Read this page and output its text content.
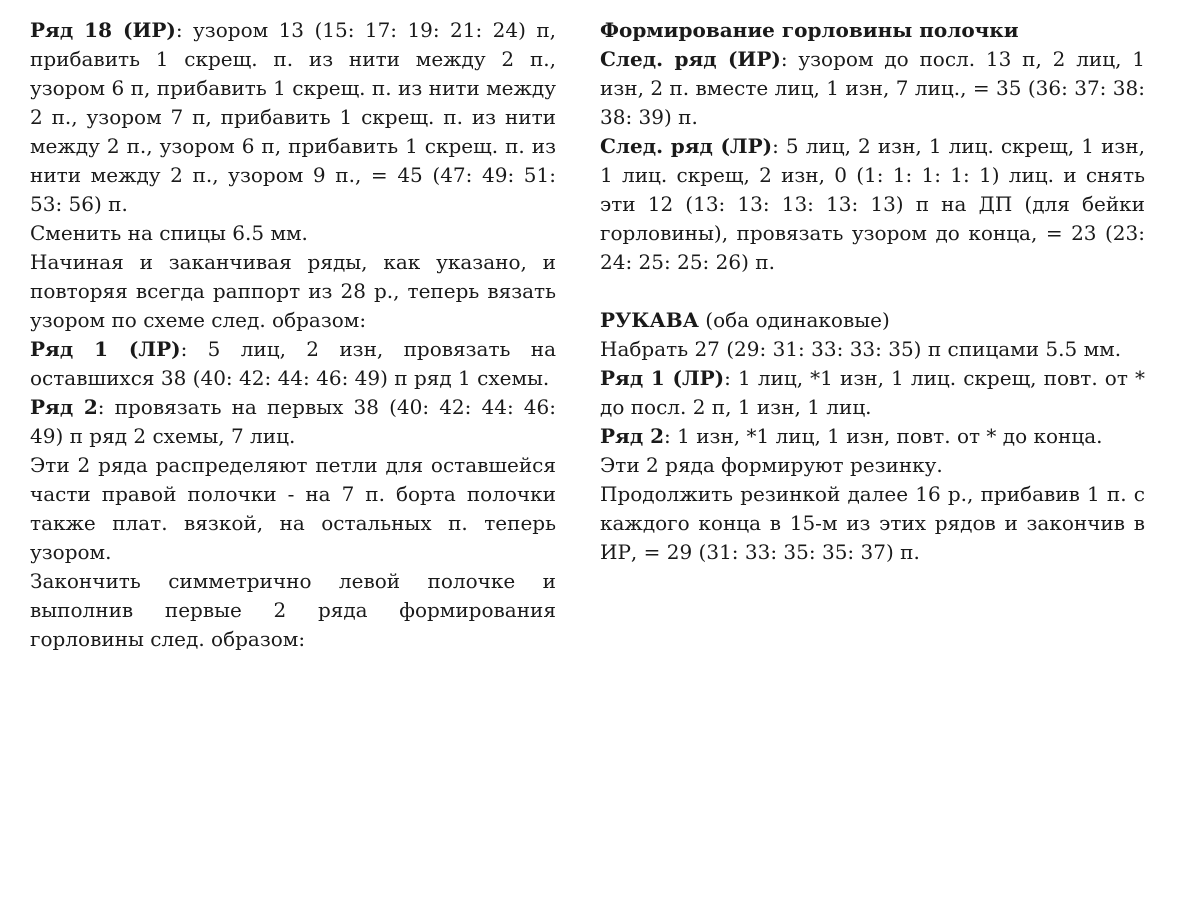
Ряд 18 (ИР): узором 13 (15: 17: 19: 21: 24) п, прибавить 1 скрещ. п. из нити между 2 п., узором 6 п, прибавить 1 скрещ. п. из нити между 2 п., узором 7 п, прибавить 1 скрещ. п. из нити между 2 п., узором 6 п, прибавить 1 скрещ. п. из нити между 2 п., узором 9 п., = 45 (47: 49: 51: 53: 56) п.

Сменить на спицы 6.5 мм.

Начиная и заканчивая ряды, как указано, и повторяя всегда раппорт из 28 р., теперь вязать узором по схеме след. образом:

Ряд 1 (ЛР): 5 лиц, 2 изн, провязать на оставшихся 38 (40: 42: 44: 46: 49) п ряд 1 схемы.

Ряд 2: провязать на первых 38 (40: 42: 44: 46: 49) п ряд 2 схемы, 7 лиц.

Эти 2 ряда распределяют петли для оставшейся части правой полочки - на 7 п. борта полочки также плат. вязкой, на остальных п. теперь узором.

Закончить симметрично левой полочке и выполнив первые 2 ряда формирования горловины след. образом:

Формирование горловины полочки

След. ряд (ИР): узором до посл. 13 п, 2 лиц, 1 изн, 2 п. вместе лиц, 1 изн, 7 лиц., = 35 (36: 37: 38: 38: 39) п.

След. ряд (ЛР): 5 лиц, 2 изн, 1 лиц. скрещ, 1 изн, 1 лиц. скрещ, 2 изн, 0 (1: 1: 1: 1: 1) лиц. и снять эти 12 (13: 13: 13: 13: 13) п на ДП (для бейки горловины), провязать узором до конца, = 23 (23: 24: 25: 25: 26) п.

РУКАВА (оба одинаковые)

Набрать 27 (29: 31: 33: 33: 35) п спицами 5.5 мм.

Ряд 1 (ЛР): 1 лиц, *1 изн, 1 лиц. скрещ, повт. от * до посл. 2 п, 1 изн, 1 лиц.

Ряд 2: 1 изн, *1 лиц, 1 изн, повт. от * до конца.

Эти 2 ряда формируют резинку.

Продолжить резинкой далее 16 р., прибавив 1 п. с каждого конца в 15-м из этих рядов и закончив в ИР, = 29 (31: 33: 35: 35: 37) п.
